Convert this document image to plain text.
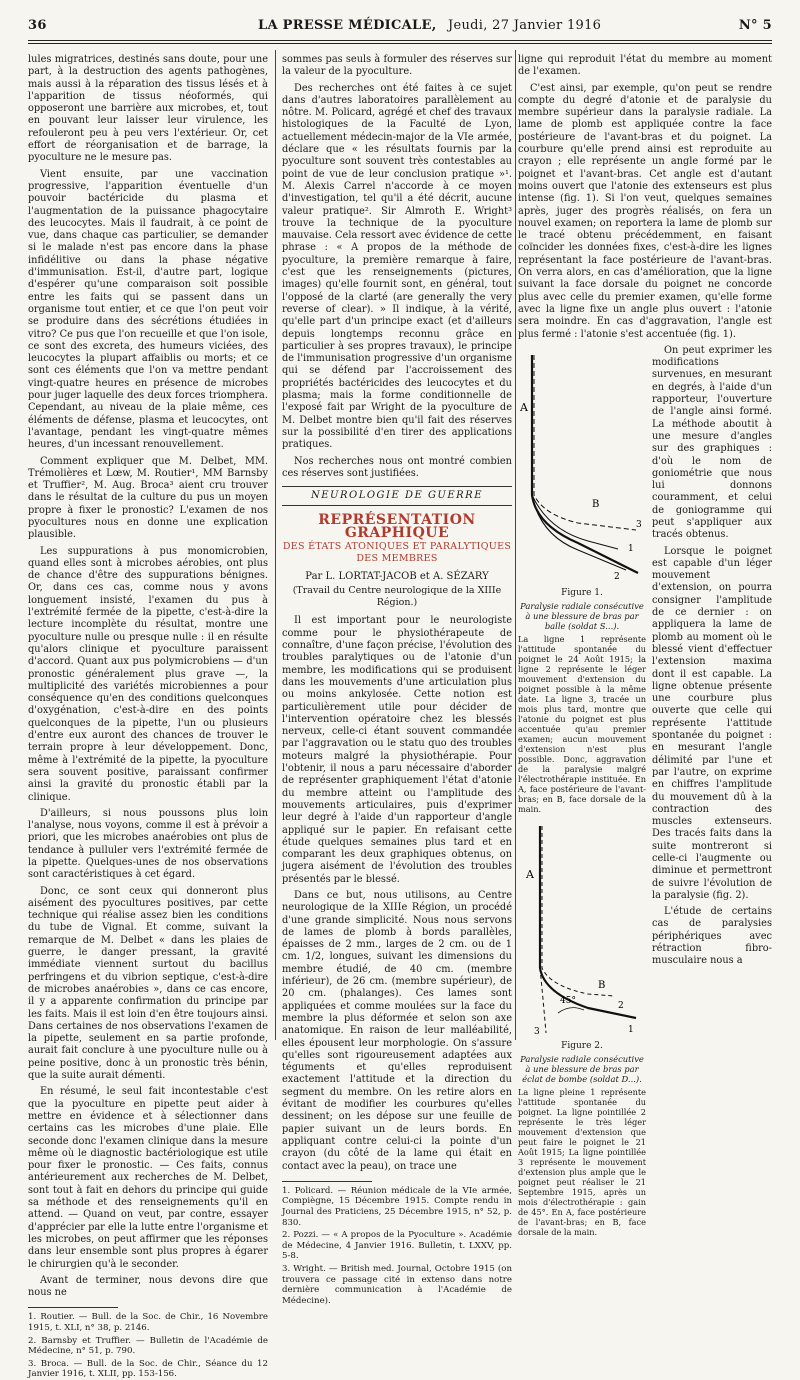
36	LA PRESSE MÉDICALE, Jeudi, 27 Janvier 1916	N° 5

lules migratrices, destinés sans doute, pour une part, à la destruction des agents pathogènes, mais aussi à la réparation des tissus lésés et à l'apparition de tissus néoformés, qui opposeront une barrière aux microbes, et, tout en pouvant leur laisser leur virulence, les refouleront peu à peu vers l'extérieur. Or, cet effort de réorganisation et de barrage, la pyoculture ne le mesure pas.

Vient ensuite, par une vaccination progressive, l'apparition éventuelle d'un pouvoir bactéricide du plasma et l'augmentation de la puissance phagocytaire des leucocytes. Mais il faudrait, à ce point de vue, dans chaque cas particulier, se demander si le malade n'est pas encore dans la phase infidélitive ou dans la phase négative d'immunisation. Est-il, d'autre part, logique d'espérer qu'une comparaison soit possible entre les faits qui se passent dans un organisme tout entier, et ce que l'on peut voir se produire dans des sécrétions étudiées in vitro? Ce pus que l'on recueille et que l'on isole, ce sont des excreta, des humeurs viciées, des leucocytes la plupart affaiblis ou morts; et ce sont ces éléments que l'on va mettre pendant vingt-quatre heures en présence de microbes pour juger laquelle des deux forces triomphera. Cependant, au niveau de la plaie même, ces éléments de défense, plasma et leucocytes, ont l'avantage, pendant les vingt-quatre mêmes heures, d'un incessant renouvellement.

Comment expliquer que M. Delbet, MM. Trémolières et Lœw, M. Routier¹, MM Barnsby et Truffier², M. Aug. Broca³ aient cru trouver dans le résultat de la culture du pus un moyen propre à fixer le pronostic? L'examen de nos pyocultures nous en donne une explication plausible.

Les suppurations à pus monomicrobien, quand elles sont à microbes aérobies, ont plus de chance d'être des suppurations bénignes. Or, dans ces cas, comme nous y avons longuement insisté, l'examen du pus à l'extrémité fermée de la pipette, c'est-à-dire la lecture incomplète du résultat, montre une pyoculture nulle ou presque nulle : il en résulte qu'alors clinique et pyoculture paraissent d'accord. Quant aux pus polymicrobiens — d'un pronostic généralement plus grave —, la multiplicité des variétés microbiennes a pour conséquence qu'en des conditions quelconques d'oxygénation, c'est-à-dire en des points quelconques de la pipette, l'un ou plusieurs d'entre eux auront des chances de trouver le terrain propre à leur développement. Donc, même à l'extrémité de la pipette, la pyoculture sera souvent positive, paraissant confirmer ainsi la gravité du pronostic établi par la clinique.

D'ailleurs, si nous poussons plus loin l'analyse, nous voyons, comme il est à prévoir a priori, que les microbes anaérobies ont plus de tendance à pulluler vers l'extrémité fermée de la pipette. Quelques-unes de nos observations sont caractéristiques à cet égard.

Donc, ce sont ceux qui donneront plus aisément des pyocultures positives, par cette technique qui réalise assez bien les conditions du tube de Vignal. Et comme, suivant la remarque de M. Delbet « dans les plaies de guerre, le danger pressant, la gravité immédiate viennent surtout du bacillus perfringens et du vibrion septique, c'est-à-dire de microbes anaérobies », dans ce cas encore, il y a apparente confirmation du principe par les faits. Mais il est loin d'en être toujours ainsi. Dans certaines de nos observations l'examen de la pipette, seulement en sa partie profonde, aurait fait conclure à une pyoculture nulle ou à peine positive, donc à un pronostic très bénin, que la suite aurait démenti.

En résumé, le seul fait incontestable c'est que la pyoculture en pipette peut aider à mettre en évidence et à sélectionner dans certains cas les microbes d'une plaie. Elle seconde donc l'examen clinique dans la mesure même où le diagnostic bactériologique est utile pour fixer le pronostic. — Ces faits, connus antérieurement aux recherches de M. Delbet, sont tout à fait en dehors du principe qui guide sa méthode et des renseignements qu'il en attend. — Quand on veut, par contre, essayer d'apprécier par elle la lutte entre l'organisme et les microbes, on peut affirmer que les réponses dans leur ensemble sont plus propres à égarer le chirurgien qu'à le seconder.

Avant de terminer, nous devons dire que nous ne

1. Routier. — Bull. de la Soc. de Chir., 16 Novembre 1915, t. XLI, n° 38, p. 2146.

2. Barnsby et Truffier. — Bulletin de l'Académie de Médecine, n° 51, p. 790.

3. Broca. — Bull. de la Soc. de Chir., Séance du 12 Janvier 1916, t. XLII, pp. 153-156.

sommes pas seuls à formuler des réserves sur la valeur de la pyoculture.

Des recherches ont été faites à ce sujet dans d'autres laboratoires parallèlement au nôtre. M. Policard, agrégé et chef des travaux histologiques de la Faculté de Lyon, actuellement médecin-major de la VIe armée, déclare que « les résultats fournis par la pyoculture sont souvent très contestables au point de vue de leur conclusion pratique »¹. M. Alexis Carrel n'accorde à ce moyen d'investigation, tel qu'il a été décrit, aucune valeur pratique². Sir Almroth E. Wright³ trouve la technique de la pyoculture mauvaise. Cela ressort avec évidence de cette phrase : « A propos de la méthode de pyoculture, la première remarque à faire, c'est que les renseignements (pictures, images) qu'elle fournit sont, en général, tout l'opposé de la clarté (are generally the very reverse of clear). » Il indique, à la vérité, qu'elle part d'un principe exact (et d'ailleurs depuis longtemps reconnu grâce en particulier à ses propres travaux), le principe de l'immunisation progressive d'un organisme qui se défend par l'accroissement des propriétés bactéricides des leucocytes et du plasma; mais la forme conditionnelle de l'exposé fait par Wright de la pyoculture de M. Delbet montre bien qu'il fait des réserves sur la possibilité d'en tirer des applications pratiques.

Nos recherches nous ont montré combien ces réserves sont justifiées.

NEUROLOGIE DE GUERRE
REPRÉSENTATION GRAPHIQUE
DES ÉTATS ATONIQUES ET PARALYTIQUES DES MEMBRES
Par L. LORTAT-JACOB et A. SÉZARY
(Travail du Centre neurologique de la XIIIe Région.)

Il est important pour le neurologiste comme pour le physiothérapeute de connaître, d'une façon précise, l'évolution des troubles paralytiques ou de l'atonie d'un membre, les modifications qui se produisent dans les mouvements d'une articulation plus ou moins ankylosée. Cette notion est particulièrement utile pour décider de l'intervention opératoire chez les blessés nerveux, celle-ci étant souvent commandée par l'aggravation ou le statu quo des troubles moteurs malgré la physiothérapie. Pour l'obtenir, il nous a paru nécessaire d'aborder de représenter graphiquement l'état d'atonie du membre atteint ou l'amplitude des mouvements articulaires, puis d'exprimer leur degré à l'aide d'un rapporteur d'angle appliqué sur le papier. En refaisant cette étude quelques semaines plus tard et en comparant les deux graphiques obtenus, on jugera aisément de l'évolution des troubles présentés par le blessé.

Dans ce but, nous utilisons, au Centre neurologique de la XIIIe Région, un procédé d'une grande simplicité. Nous nous servons de lames de plomb à bords parallèles, épaisses de 2 mm., larges de 2 cm. ou de 1 cm. 1/2, longues, suivant les dimensions du membre étudié, de 40 cm. (membre inférieur), de 26 cm. (membre supérieur), de 20 cm. (phalanges). Ces lames sont appliquées et comme moulées sur la face du membre la plus déformée et selon son axe anatomique. En raison de leur malléabilité, elles épousent leur morphologie. On s'assure qu'elles sont rigoureusement adaptées aux téguments et qu'elles reproduisent exactement l'attitude et la direction du segment du membre. On les retire alors en évitant de modifier les courbures qu'elles dessinent; on les dépose sur une feuille de papier suivant un de leurs bords. En appliquant contre celui-ci la pointe d'un crayon (du côté de la lame qui était en contact avec la peau), on trace une

1. Policard. — Réunion médicale de la VIe armée, Compiègne, 15 Décembre 1915. Compte rendu in Journal des Praticiens, 25 Décembre 1915, n° 52, p. 830.

2. Pozzi. — « A propos de la Pyoculture ». Académie de Médecine, 4 Janvier 1916. Bulletin, t. LXXV, pp. 5-8.

3. Wright. — British med. Journal, Octobre 1915 (on trouvera ce passage cité in extenso dans notre dernière communication à l'Académie de Médecine).

ligne qui reproduit l'état du membre au moment de l'examen.

C'est ainsi, par exemple, qu'on peut se rendre compte du degré d'atonie et de paralysie du membre supérieur dans la paralysie radiale. La lame de plomb est appliquée contre la face postérieure de l'avant-bras et du poignet. La courbure qu'elle prend ainsi est reproduite au crayon ; elle représente un angle formé par le poignet et l'avant-bras. Cet angle est d'autant moins ouvert que l'atonie des extenseurs est plus intense (fig. 1). Si l'on veut, quelques semaines après, juger des progrès réalisés, on fera un nouvel examen; on reportera la lame de plomb sur le tracé obtenu précédemment, en faisant coïncider les données fixes, c'est-à-dire les lignes représentant la face postérieure de l'avant-bras. On verra alors, en cas d'amélioration, que la ligne suivant la face dorsale du poignet ne concorde plus avec celle du premier examen, qu'elle forme avec la ligne fixe un angle plus ouvert : l'atonie sera moindre. En cas d'aggravation, l'angle est plus fermé : l'atonie s'est accentuée (fig. 1).

A
B
3
1
2
Figure 1.
Paralysie radiale consécutive à une blessure de bras par balle (soldat S...).
La ligne 1 représente l'attitude spontanée du poignet le 24 Août 1915; la ligne 2 représente le léger mouvement d'extension du poignet possible à la même date. La ligne 3, tracée un mois plus tard, montre que l'atonie du poignet est plus accentuée qu'au premier examen; aucun mouvement d'extension n'est plus possible. Donc, aggravation de la paralysie malgré l'électrothérapie instituée. En A, face postérieure de l'avant-bras; en B, face dorsale de la main.

On peut exprimer les modifications survenues, en mesurant en degrés, à l'aide d'un rapporteur, l'ouverture de l'angle ainsi formé. La méthode aboutit à une mesure d'angles sur des graphiques : d'où le nom de goniométrie que nous lui donnons couramment, et celui de goniogramme qui peut s'appliquer aux tracés obtenus.

A
B
45°	2
1
3
Figure 2.
Paralysie radiale consécutive à une blessure de bras par éclat de bombe (soldat D...).
La ligne pleine 1 représente l'attitude spontanée du poignet. La ligne pointillée 2 représente le très léger mouvement d'extension que peut faire le poignet le 21 Août 1915; La ligne pointillée 3 représente le mouvement d'extension plus ample que le poignet peut réaliser le 21 Septembre 1915, après un mois d'électrothérapie : gain de 45°. En A, face postérieure de l'avant-bras; en B, face dorsale de la main.

Lorsque le poignet est capable d'un léger mouvement d'extension, on pourra consigner l'amplitude de ce dernier : on appliquera la lame de plomb au moment où le blessé vient d'effectuer l'extension maxima dont il est capable. La ligne obtenue présente une courbure plus ouverte que celle qui représente l'attitude spontanée du poignet : en mesurant l'angle délimité par l'une et par l'autre, on exprime en chiffres l'amplitude du mouvement dû à la contraction des muscles extenseurs. Des tracés faits dans la suite montreront si celle-ci l'augmente ou diminue et permettront de suivre l'évolution de la paralysie (fig. 2).

L'étude de certains cas de paralysies périphériques avec rétraction fibro-musculaire nous a
